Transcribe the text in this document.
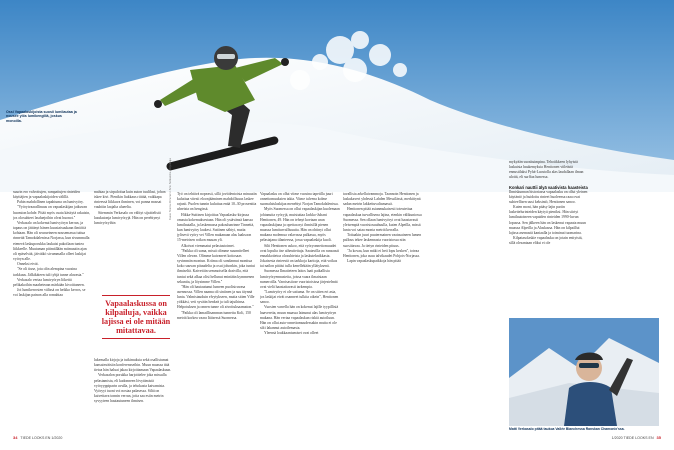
Ossi Vapaalaskijoista suosii lumilautaa ja nousee ylös lumikengillä, joskus monoilla.
Kuva: Teemu Oinonen / Arto Sotkasiira / Kirjoittaja

suurin ero valvottujen, rampattujen rinteiden käyttäjien ja vapaalaskijoiden välillä.

Pahin mahdollinen tapahtuma on lumivyöry.

"Vyörytvaarallinuus on vapaalaskijan jatkuvan huomion kohde. Pitää myös osata käsitytä rakuisin, jos olosuhteet lasduejoihin olvat huonot."

Verkasalo on kokenut lumivyöryn kerran, ja tapaus on jättänyt hänen kuusiaisuukaan ilmiöitä kohtaan. Hän oli seurueineen nousemassa tuttua rinnettä Tamokdalenissa Norjassa, kun sivummalla etenevä laskuporukka laukaisi pakoilaan tuntea liikkeelle. Muutaman pitimällään mitmuutin ajan oli epäselvää, jäivätkö sivummalla olleet laskijat vyöryn alle.

Onneksi eivät.

"Se oli tiuse, jota olin alempina vuosina tarkkuus. Jälkikäteen tuli tyhjä tunne alavasta."

Verkasalo vertaa lumivyöryn liikettä pelikakoihin maaheteaan märkään kivoittaneen.

Joi lumikerrosten välissä on heikko kerros, se voi laskijan painon alla romahtaa

mahtaa ja sirpaloitua kuin auton tuulilasi, johon iskee kivi. Pienikin liukkaus riittää, vaikkapa rinteessä liikkuva ihminen, voi panna massat vauhtiin laajalta alueelta.

Sitemmin Verkasalo on välttyt sijaittelistä lasukatonja lumivyöryjä. Hän on perehtynyt lumivyöryihin

Vapaalaskussa on kilpailuja, vaikka lajissa ei ole mitään mitattavaa.

lukemalla kirjoja ja tutkimuksia sekä osallistumat kansainväisiin konferensseihin. Muun muassa tätä tietoa hän haluai jakaa kirjoittamaan Vapaalaskuun.

Verkasalon porukka harjoittelee joka missulla pelastamista, eli kadonneen lövytämistä vyöryyppiparin avulla, ja tehokasta kaivamista. Vyöryyt tuoni voi nostaa palasessa. Siltä on kaivettava tonnin verran, jotta saa esiin metrin syvyyteen hautautuneen ihmisen.

Työ on tehtävä nopeasti, sillä joviidentoista minuutin kuluttua vitesti eloonjääminen mahdollisuus laskee rajusti. Puolen tunnin kuluttua enää 10–30 prosenttia uhreista on hengissä.

Hikka-Suttinen kirjoittaa Vapaalasku-kirjassa omasta kokemuksestaan. Hän oli ystävänsä kanssa lumilautalla, ja laskemassa pakoulunrinne Tinnettä, kun lumivyöry laukesi. Suttinen sähtyi, mutta jylisevä vyöry vei Villen mukanaan alas laaksoon 15-metrisen rotkon muuan yli.

Alkoivat viemmatut pelastustoimet.

"Paikka oli sama, missä olimme suunnitelleet Villen olevan. Olimme kaivaneet kottosaas syvimmän montun. Kriima oli sondannut monttua koko sauvan pituudelta ja osui johonkin, joka tuntui ihmiseltä. Kaivettiin semmoisella draivilla, että tuntui sekä alkaa olisi hellunut enintään kymmenen sekuntia, ja löysimme Villen."

"Hän oli hautautunut lumeen puolisiruvasa asennossa. Villen naama oli siniinen ja suu täynnä lunta. Valmistauduin elvytykseen, mutta sitten Ville yökkäsi, veti syvään henkeä ja tuli tajuihinsa. Helpotuksen ja onnen tunne oli aivoituksaamaton."

"Paikka oli lamaillisamman tunnettu Koli, 150 metriä korkea vaara Itäisessä Suomessa.

Vapaalasku on ollut viime vuosina tapetilla juuri onnettomuuksien takia. Viime talvena kolme suomalaislaskijaa menehtyi Norjan Tamokdalenissa.

Myös Suomessa on ollut vapaalaskijan kuolemaan johtanutta vyöryjä, muistuttaa Jarkko-Juhani Henttonen, 49. Hän on tehnyt koetaan uran vapaalaskijana ja opettaa nyt ihmisillä pienen muassa lumiturvallisuutta. Hän on ohtinyt ollut mukana molemua valavassa palkassa, myös pelastajana tilanteessa, jossa vapaalaskija kuoli.

Silti Henttonen uskoo, että vyöryonnettomuudet ovat lopulta itse aiheuttettuja. Saatavilla on runsaasti ennakkotietoa olosuhteista ja laskuteknikkasta. Jokaisesta rinteestä on tarkkoja karttoja, että voikas tai nailon pitäisi tulla kenellekään yllätyksenä.

Suomessa Ilmatieteen laitos laati paikallisia lumivyöryennusteita, joissa vaara ilmaistaan numeroilla. Varoisasiiose vuoristoisissa järjestelmät ovat vielä haastattavasti tarkempia.

"Lumivyöry ei ole sattuma. Se on sitten eri asia, jos laskijat eivät osanneet tulkita oikein", Henttonen sanoo.

Vuosien varrella hän on kokenut lajille tyypillisiä haaveretta, muun muassa lainunut alas lumivyöryn mukana. Hän vertaa vapaalaskun riskiä autoiluun. Hän on ollut auto-onnettomuudessakin mutta ei ole silti lakannut autoilemasta.

Yleensä loukkaantumiset ovat olleet

tavallisia arkellaivammoja. Taannoin Henttonen ja laskukaveri yhdessä Lahden Messilässä, merkittynä sadan metrin lakkettuvaltamassä.

Henttonen pitää asianmukaisesti toteutettua vapaalaskua turvallisena lajina, etenkin välikuniossa Suomessa. Sen ollaan lumivyöryt ovat haastavasti yleisempiä vuoristosuuhuulla, kuten Alpeilla, missä lunta voi sataa monta metriä kerralla.

Tottaakin juuri puutermainen vaatasaineen lumen pallous tekee laskennasta vuoristossa niin suosittavaa. Ja tietyn rinteiden pituus.

"Ja kovaa, kun mäki ei heti lopu kesken", toteaa Henttonen, joka asuu talvikaudet Pohjois-Norjassa.

Lapin vapaalaskupaikkoja hän pitää

mykyään suosituimpina. Tehoiikkeen lyhyistä laskuista haukemyksia Henttonen viileästä ennustilaksi Pyhä-Luostolla alas laudallaan ilman ulottä, eli surffaa lumessa.

Konkari nauttii älyä vaativista haasteista

Ihmiskunnan historiassa vapaalasku on ollut yleinen käytäntö ja huidottu rinteet huoleensa raaa ovat suhteellisen uusi keksintö, Henttonen sanoo.

Kuten moni, hän pääsy lajin pariin laskettelurinteiden käytyä pieniksi. Hän siirtyi lumilautoineen vapaiden rinteiden 1990-luvun lopussa. Sen jälkeen hän on laskenut vapaata muun muassa Alpeilla ja Alaskassa. Hän on kilpaillut lajissa asemastä kaniaalla ja toiminut tuomarina.

Kilpatasolaskie vapaalasku on jotain enttyistä, sillä olesantaan eliksi ei ole

Matti Verkasalo pitää taukoa Vallée Blanchessa Ranskan Chamonix'ssa.
34 TIEDE LOOKS EN 1/2020	1/2020 TIEDE LOOKS EN 35
